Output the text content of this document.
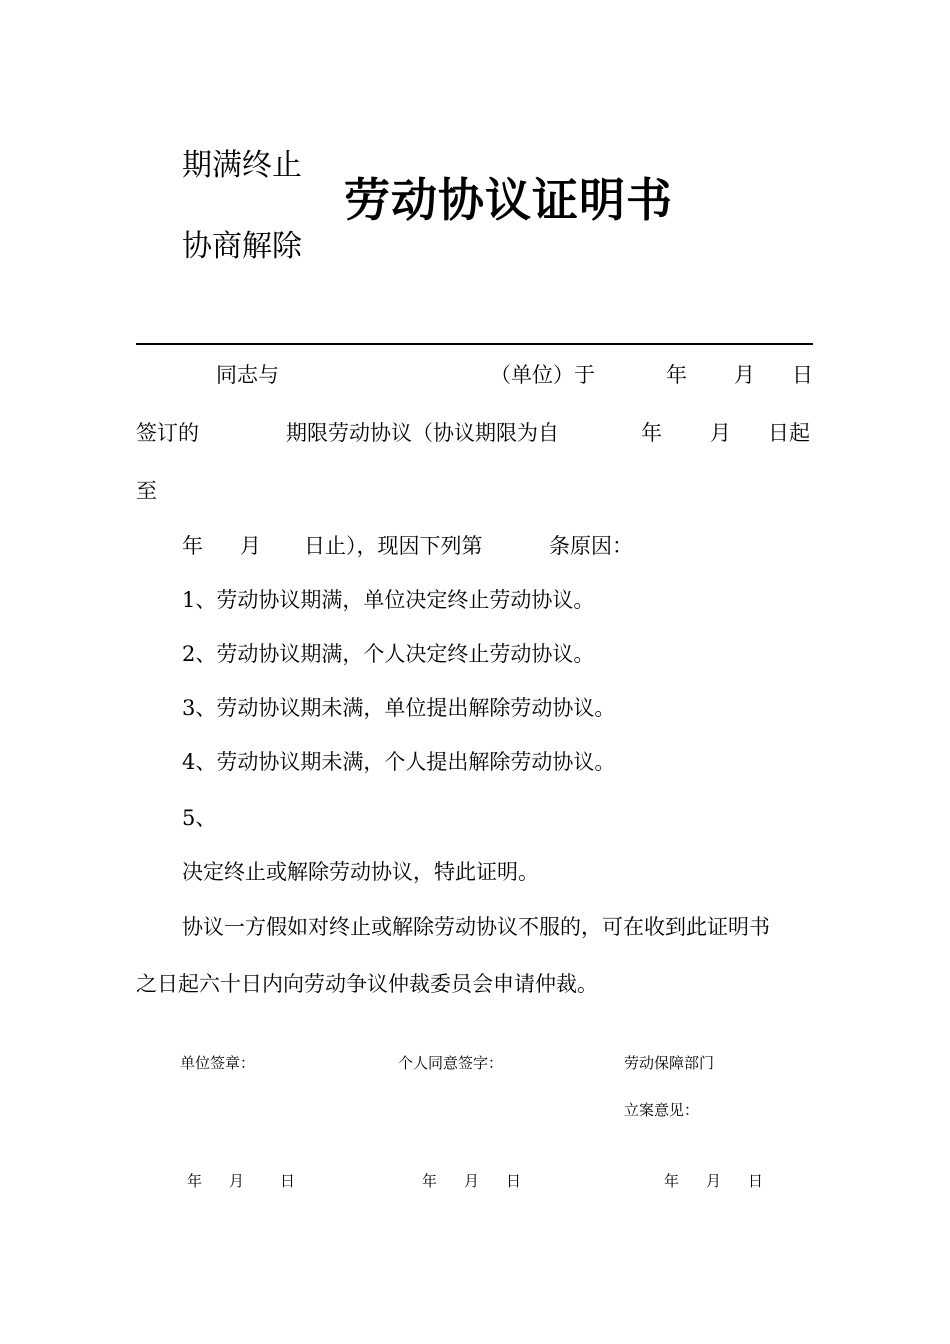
期满终止
协商解除
劳动协议证明书
同志与	（单位）于	年 月 日
签订的	期限劳动协议（协议期限为自	年 月 日起
至
年 月 日止），现因下列第	条原因：
1、劳动协议期满，单位决定终止劳动协议。
2、劳动协议期满，个人决定终止劳动协议。
3、劳动协议期未满，单位提出解除劳动协议。
4、劳动协议期未满，个人提出解除劳动协议。
5、
决定终止或解除劳动协议，特此证明。
协议一方假如对终止或解除劳动协议不服的，可在收到此证明书
之日起六十日内向劳动争议仲裁委员会申请仲裁。
单位签章：	个人同意签字：	劳动保障部门
立案意见：
年 月 日	年 月 日	年 月 日
